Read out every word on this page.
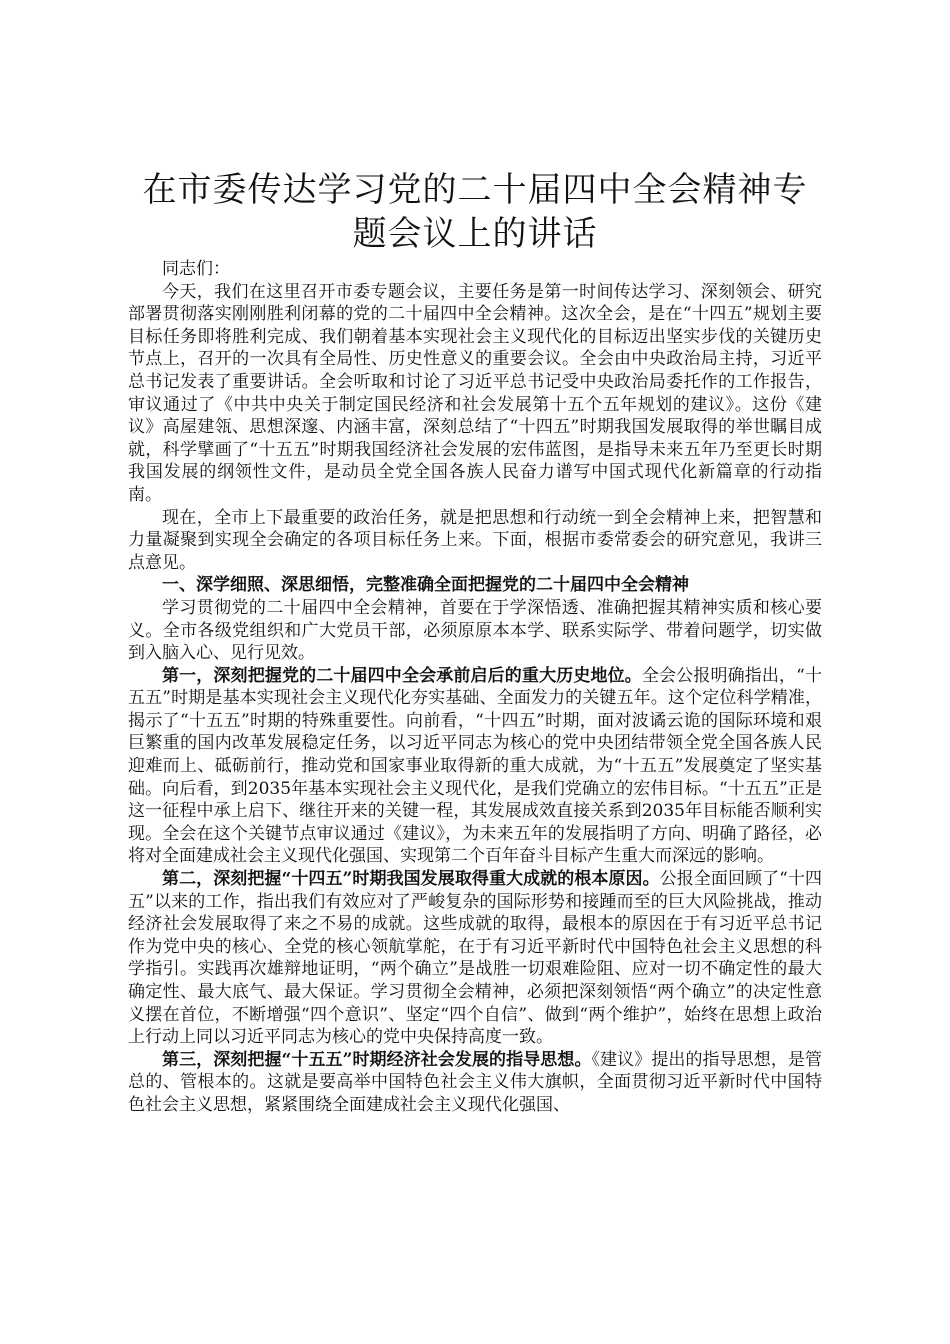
在市委传达学习党的二十届四中全会精神专题会议上的讲话

同志们：

今天，我们在这里召开市委专题会议，主要任务是第一时间传达学习、深刻领会、研究部署贯彻落实刚刚胜利闭幕的党的二十届四中全会精神。这次全会，是在“十四五”规划主要目标任务即将胜利完成、我们朝着基本实现社会主义现代化的目标迈出坚实步伐的关键历史节点上，召开的一次具有全局性、历史性意义的重要会议。全会由中央政治局主持，习近平总书记发表了重要讲话。全会听取和讨论了习近平总书记受中央政治局委托作的工作报告，审议通过了《中共中央关于制定国民经济和社会发展第十五个五年规划的建议》。这份《建议》高屋建瓴、思想深邃、内涵丰富，深刻总结了“十四五”时期我国发展取得的举世瞩目成就，科学擘画了“十五五”时期我国经济社会发展的宏伟蓝图，是指导未来五年乃至更长时期我国发展的纲领性文件，是动员全党全国各族人民奋力谱写中国式现代化新篇章的行动指南。

现在，全市上下最重要的政治任务，就是把思想和行动统一到全会精神上来，把智慧和力量凝聚到实现全会确定的各项目标任务上来。下面，根据市委常委会的研究意见，我讲三点意见。

一、深学细照、深思细悟，完整准确全面把握党的二十届四中全会精神

学习贯彻党的二十届四中全会精神，首要在于学深悟透、准确把握其精神实质和核心要义。全市各级党组织和广大党员干部，必须原原本本学、联系实际学、带着问题学，切实做到入脑入心、见行见效。

第一，深刻把握党的二十届四中全会承前启后的重大历史地位。全会公报明确指出，“十五五”时期是基本实现社会主义现代化夯实基础、全面发力的关键五年。这个定位科学精准，揭示了“十五五”时期的特殊重要性。向前看，“十四五”时期，面对波谲云诡的国际环境和艰巨繁重的国内改革发展稳定任务，以习近平同志为核心的党中央团结带领全党全国各族人民迎难而上、砥砺前行，推动党和国家事业取得新的重大成就，为“十五五”发展奠定了坚实基础。向后看，到2035年基本实现社会主义现代化，是我们党确立的宏伟目标。“十五五”正是这一征程中承上启下、继往开来的关键一程，其发展成效直接关系到2035年目标能否顺利实现。全会在这个关键节点审议通过《建议》，为未来五年的发展指明了方向、明确了路径，必将对全面建成社会主义现代化强国、实现第二个百年奋斗目标产生重大而深远的影响。

第二，深刻把握“十四五”时期我国发展取得重大成就的根本原因。公报全面回顾了“十四五”以来的工作，指出我们有效应对了严峻复杂的国际形势和接踵而至的巨大风险挑战，推动经济社会发展取得了来之不易的成就。这些成就的取得，最根本的原因在于有习近平总书记作为党中央的核心、全党的核心领航掌舵，在于有习近平新时代中国特色社会主义思想的科学指引。实践再次雄辩地证明，“两个确立”是战胜一切艰难险阻、应对一切不确定性的最大确定性、最大底气、最大保证。学习贯彻全会精神，必须把深刻领悟“两个确立”的决定性意义摆在首位，不断增强“四个意识”、坚定“四个自信”、做到“两个维护”，始终在思想上政治上行动上同以习近平同志为核心的党中央保持高度一致。

第三，深刻把握“十五五”时期经济社会发展的指导思想。《建议》提出的指导思想，是管总的、管根本的。这就是要高举中国特色社会主义伟大旗帜，全面贯彻习近平新时代中国特色社会主义思想，紧紧围绕全面建成社会主义现代化强国、
